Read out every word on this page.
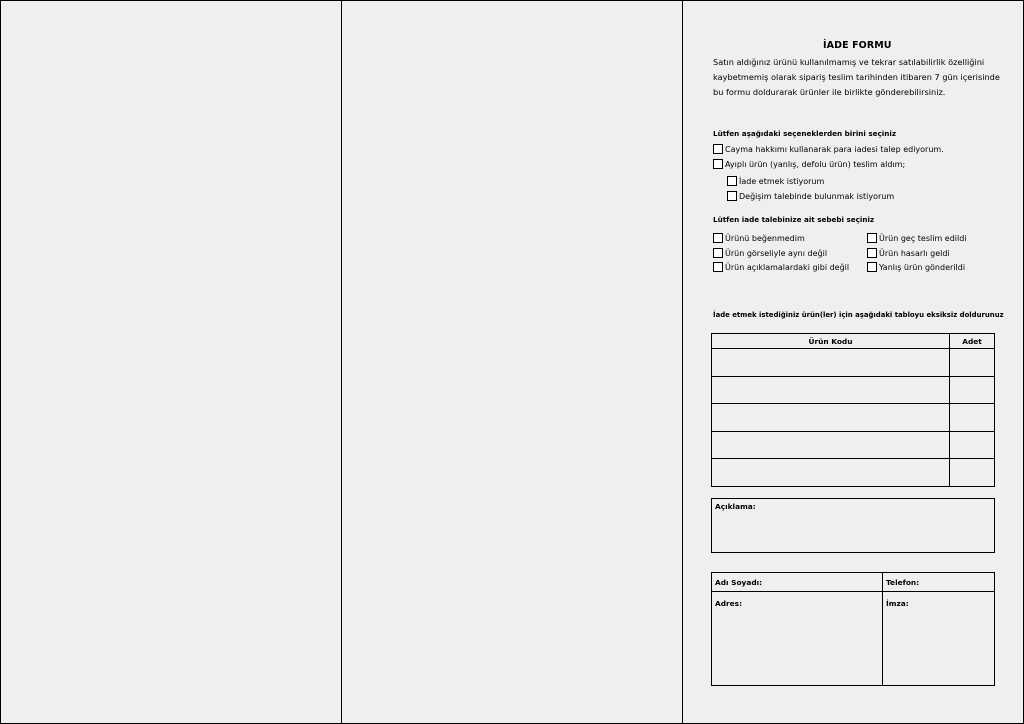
İADE FORMU
Satın aldığınız ürünü kullanılmamış ve tekrar satılabilirlik özelliğini
kaybetmemiş olarak sipariş teslim tarihinden itibaren 7 gün içerisinde
bu formu doldurarak ürünler ile birlikte gönderebilirsiniz.
Lütfen aşağıdaki seçeneklerden birini seçiniz
Cayma hakkımı kullanarak para iadesi talep ediyorum.
Ayıplı ürün (yanlış, defolu ürün) teslim aldım;
İade etmek istiyorum
Değişim talebinde bulunmak istiyorum
Lütfen iade talebinize ait sebebi seçiniz
Ürünü beğenmedim	Ürün geç teslim edildi
Ürün görseliyle aynı değil	Ürün hasarlı geldi
Ürün açıklamalardaki gibi değil	Yanlış ürün gönderildi
İade etmek istediğiniz ürün(ler) için aşağıdaki tabloyu eksiksiz doldurunuz
Ürün Kodu	Adet

Açıklama:
Adı Soyadı:	Telefon:
Adres:	İmza:
